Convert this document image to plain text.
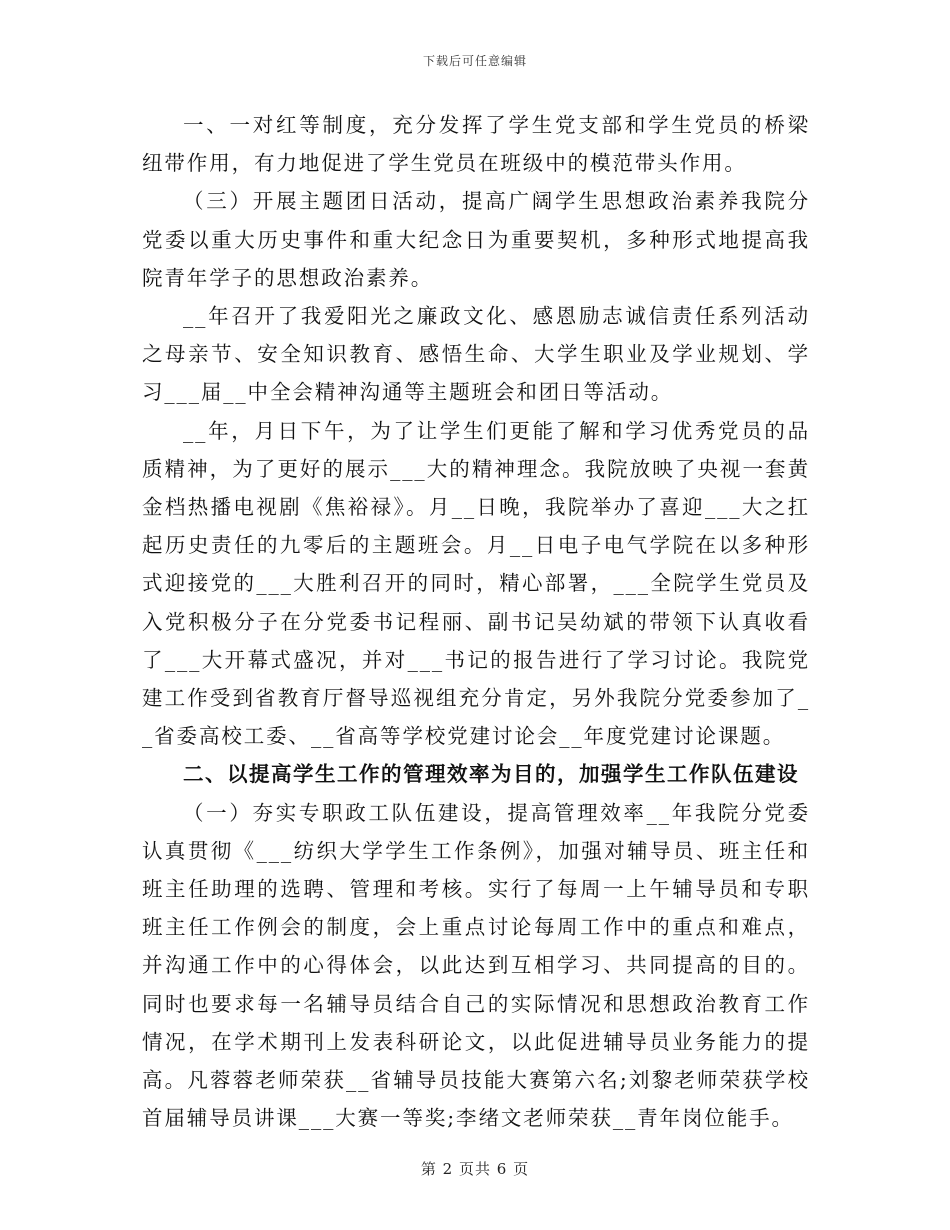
下载后可任意编辑

一、一对红等制度，充分发挥了学生党支部和学生党员的桥梁纽带作用，有力地促进了学生党员在班级中的模范带头作用。

（三）开展主题团日活动，提高广阔学生思想政治素养我院分党委以重大历史事件和重大纪念日为重要契机，多种形式地提高我院青年学子的思想政治素养。

__年召开了我爱阳光之廉政文化、感恩励志诚信责任系列活动之母亲节、安全知识教育、感悟生命、大学生职业及学业规划、学习___届__中全会精神沟通等主题班会和团日等活动。

__年，月日下午，为了让学生们更能了解和学习优秀党员的品质精神，为了更好的展示___大的精神理念。我院放映了央视一套黄金档热播电视剧《焦裕禄》。月__日晚，我院举办了喜迎___大之扛起历史责任的九零后的主题班会。月__日电子电气学院在以多种形式迎接党的___大胜利召开的同时，精心部署，___全院学生党员及入党积极分子在分党委书记程丽、副书记吴幼斌的带领下认真收看了___大开幕式盛况，并对___书记的报告进行了学习讨论。我院党建工作受到省教育厅督导巡视组充分肯定，另外我院分党委参加了__省委高校工委、__省高等学校党建讨论会__年度党建讨论课题。

二、以提高学生工作的管理效率为目的，加强学生工作队伍建设

（一）夯实专职政工队伍建设，提高管理效率__年我院分党委认真贯彻《___纺织大学学生工作条例》，加强对辅导员、班主任和班主任助理的选聘、管理和考核。实行了每周一上午辅导员和专职班主任工作例会的制度，会上重点讨论每周工作中的重点和难点，并沟通工作中的心得体会，以此达到互相学习、共同提高的目的。同时也要求每一名辅导员结合自己的实际情况和思想政治教育工作情况，在学术期刊上发表科研论文，以此促进辅导员业务能力的提高。凡蓉蓉老师荣获__省辅导员技能大赛第六名;刘黎老师荣获学校首届辅导员讲课___大赛一等奖;李绪文老师荣获__青年岗位能手。

第 2 页共 6 页
